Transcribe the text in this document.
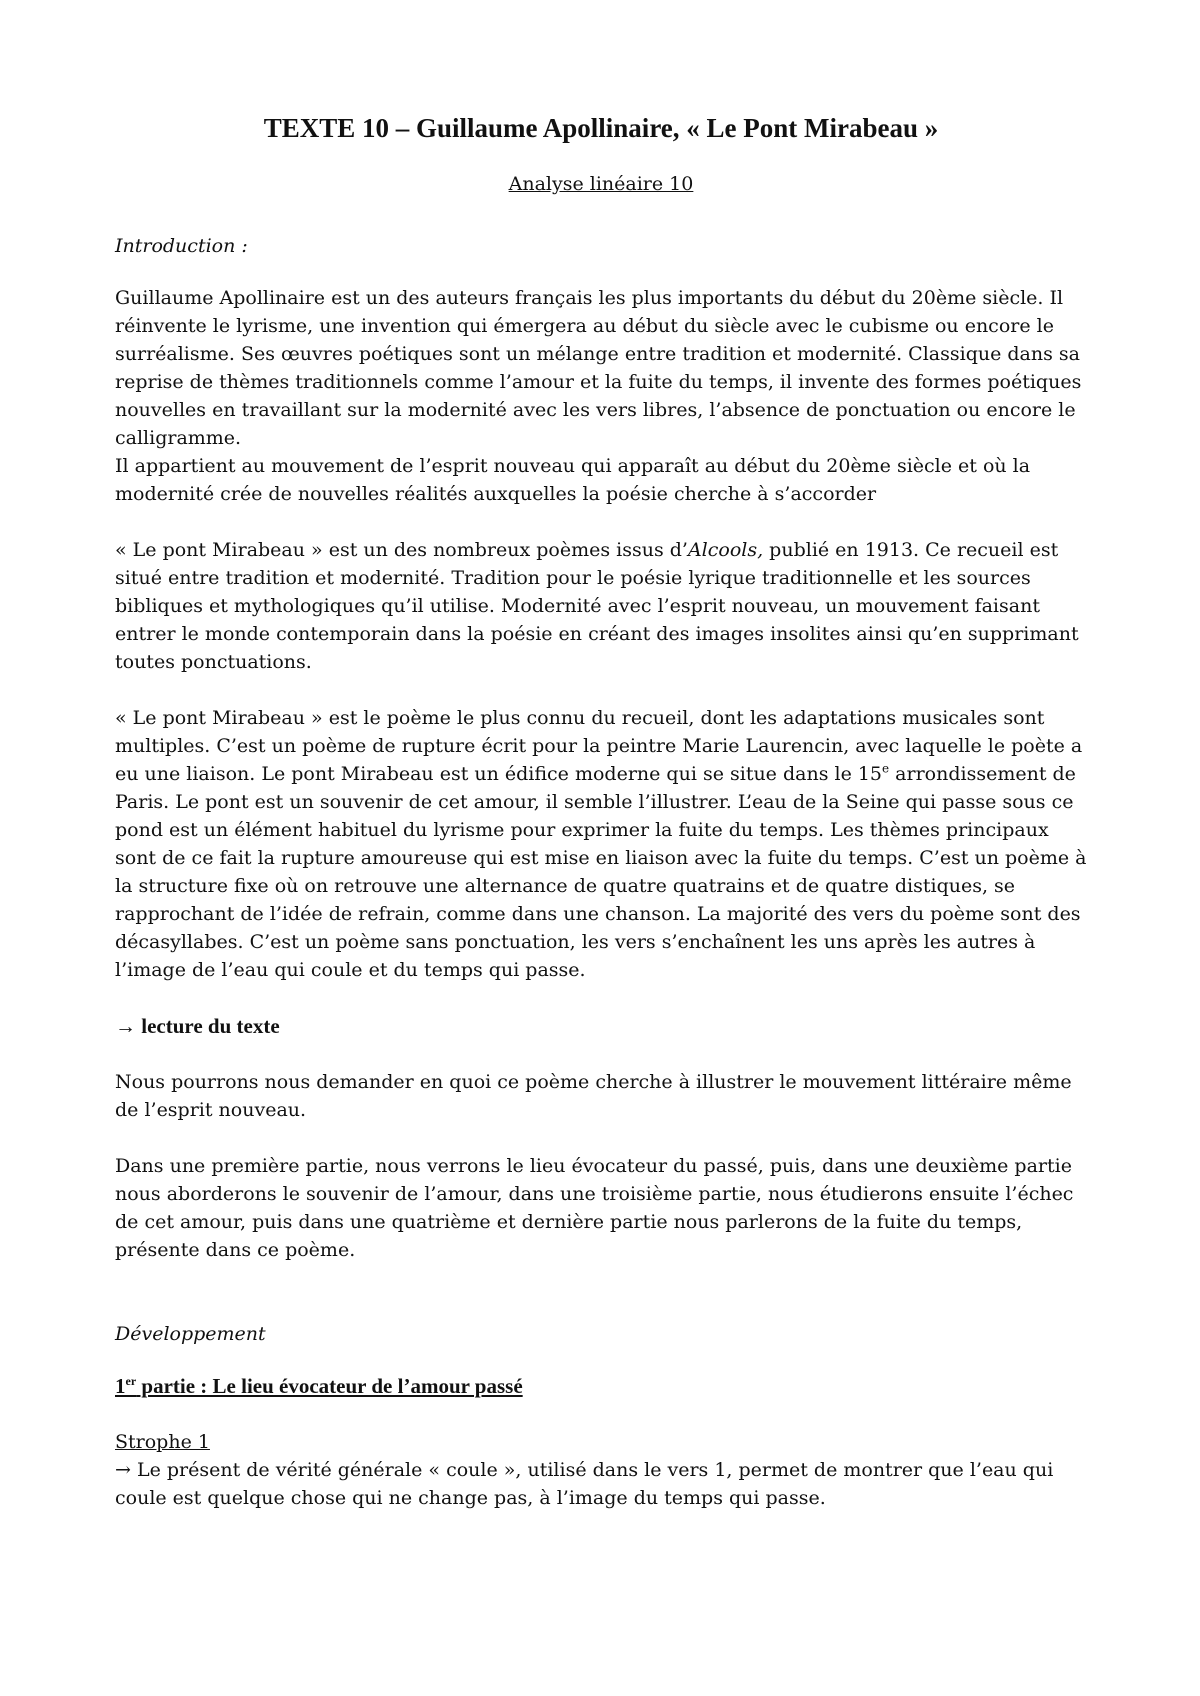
TEXTE 10 – Guillaume Apollinaire, « Le Pont Mirabeau »
Analyse linéaire 10
Introduction :

Guillaume Apollinaire est un des auteurs français les plus importants du début du 20ème siècle. Il réinvente le lyrisme, une invention qui émergera au début du siècle avec le cubisme ou encore le surréalisme. Ses œuvres poétiques sont un mélange entre tradition et modernité. Classique dans sa reprise de thèmes traditionnels comme l’amour et la fuite du temps, il invente des formes poétiques nouvelles en travaillant sur la modernité avec les vers libres, l’absence de ponctuation ou encore le calligramme.

Il appartient au mouvement de l’esprit nouveau qui apparaît au début du 20ème siècle et où la modernité crée de nouvelles réalités auxquelles la poésie cherche à s’accorder

« Le pont Mirabeau » est un des nombreux poèmes issus d’Alcools, publié en 1913. Ce recueil est situé entre tradition et modernité. Tradition pour le poésie lyrique traditionnelle et les sources bibliques et mythologiques qu’il utilise. Modernité avec l’esprit nouveau, un mouvement faisant entrer le monde contemporain dans la poésie en créant des images insolites ainsi qu’en supprimant toutes ponctuations.

« Le pont Mirabeau » est le poème le plus connu du recueil, dont les adaptations musicales sont multiples. C’est un poème de rupture écrit pour la peintre Marie Laurencin, avec laquelle le poète a eu une liaison. Le pont Mirabeau est un édifice moderne qui se situe dans le 15e arrondissement de Paris. Le pont est un souvenir de cet amour, il semble l’illustrer. L’eau de la Seine qui passe sous ce pond est un élément habituel du lyrisme pour exprimer la fuite du temps. Les thèmes principaux sont de ce fait la rupture amoureuse qui est mise en liaison avec la fuite du temps. C’est un poème à la structure fixe où on retrouve une alternance de quatre quatrains et de quatre distiques, se rapprochant de l’idée de refrain, comme dans une chanson. La majorité des vers du poème sont des décasyllabes. C’est un poème sans ponctuation, les vers s’enchaînent les uns après les autres à l’image de l’eau qui coule et du temps qui passe.

→ lecture du texte

Nous pourrons nous demander en quoi ce poème cherche à illustrer le mouvement littéraire même de l’esprit nouveau.

Dans une première partie, nous verrons le lieu évocateur du passé, puis, dans une deuxième partie nous aborderons le souvenir de l’amour, dans une troisième partie, nous étudierons ensuite l’échec de cet amour, puis dans une quatrième et dernière partie nous parlerons de la fuite du temps, présente dans ce poème.

Développement
1er partie : Le lieu évocateur de l’amour passé
Strophe 1

→ Le présent de vérité générale « coule », utilisé dans le vers 1, permet de montrer que l’eau qui coule est quelque chose qui ne change pas, à l’image du temps qui passe.
